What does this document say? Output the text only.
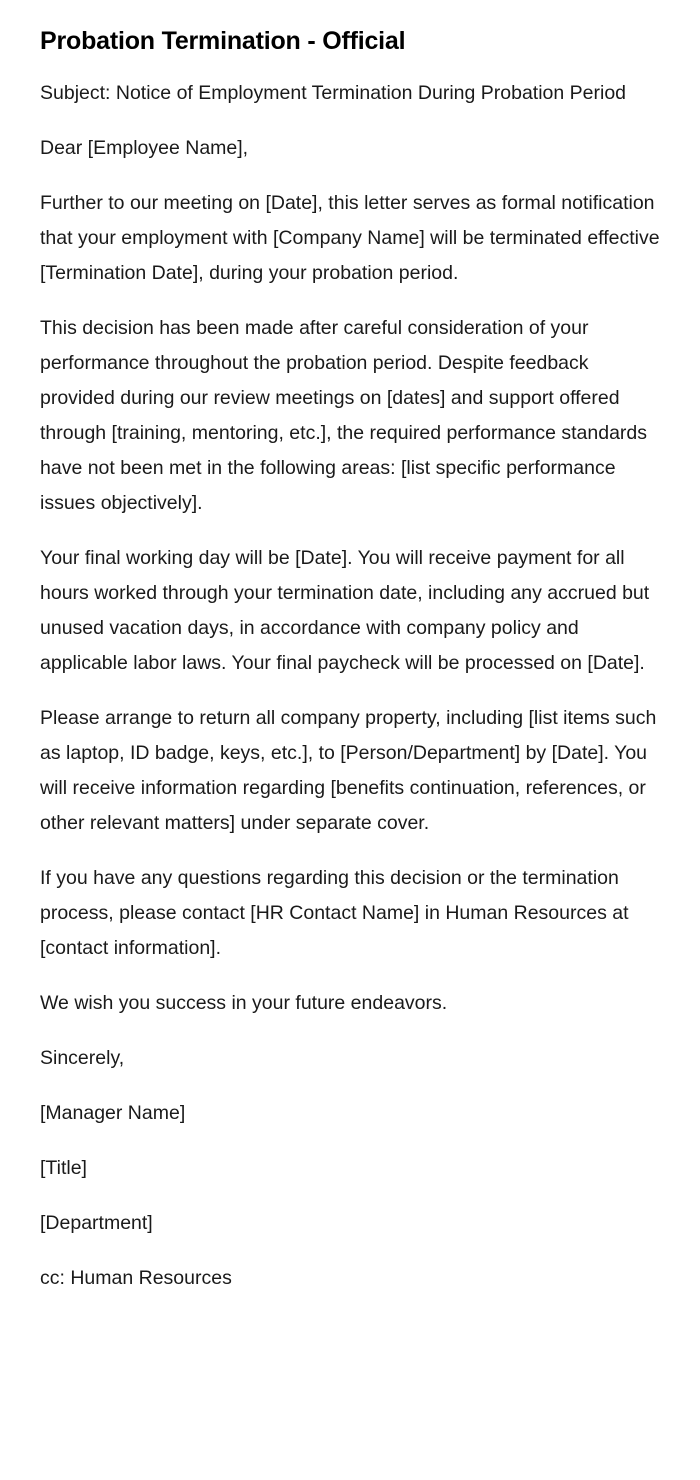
Probation Termination - Official

Subject: Notice of Employment Termination During Probation Period

Dear [Employee Name],

Further to our meeting on [Date], this letter serves as formal notification that your employment with [Company Name] will be terminated effective [Termination Date], during your probation period.

This decision has been made after careful consideration of your performance throughout the probation period. Despite feedback provided during our review meetings on [dates] and support offered through [training, mentoring, etc.], the required performance standards have not been met in the following areas: [list specific performance issues objectively].

Your final working day will be [Date]. You will receive payment for all hours worked through your termination date, including any accrued but unused vacation days, in accordance with company policy and applicable labor laws. Your final paycheck will be processed on [Date].

Please arrange to return all company property, including [list items such as laptop, ID badge, keys, etc.], to [Person/Department] by [Date]. You will receive information regarding [benefits continuation, references, or other relevant matters] under separate cover.

If you have any questions regarding this decision or the termination process, please contact [HR Contact Name] in Human Resources at [contact information].

We wish you success in your future endeavors.

Sincerely,

[Manager Name]

[Title]

[Department]

cc: Human Resources
